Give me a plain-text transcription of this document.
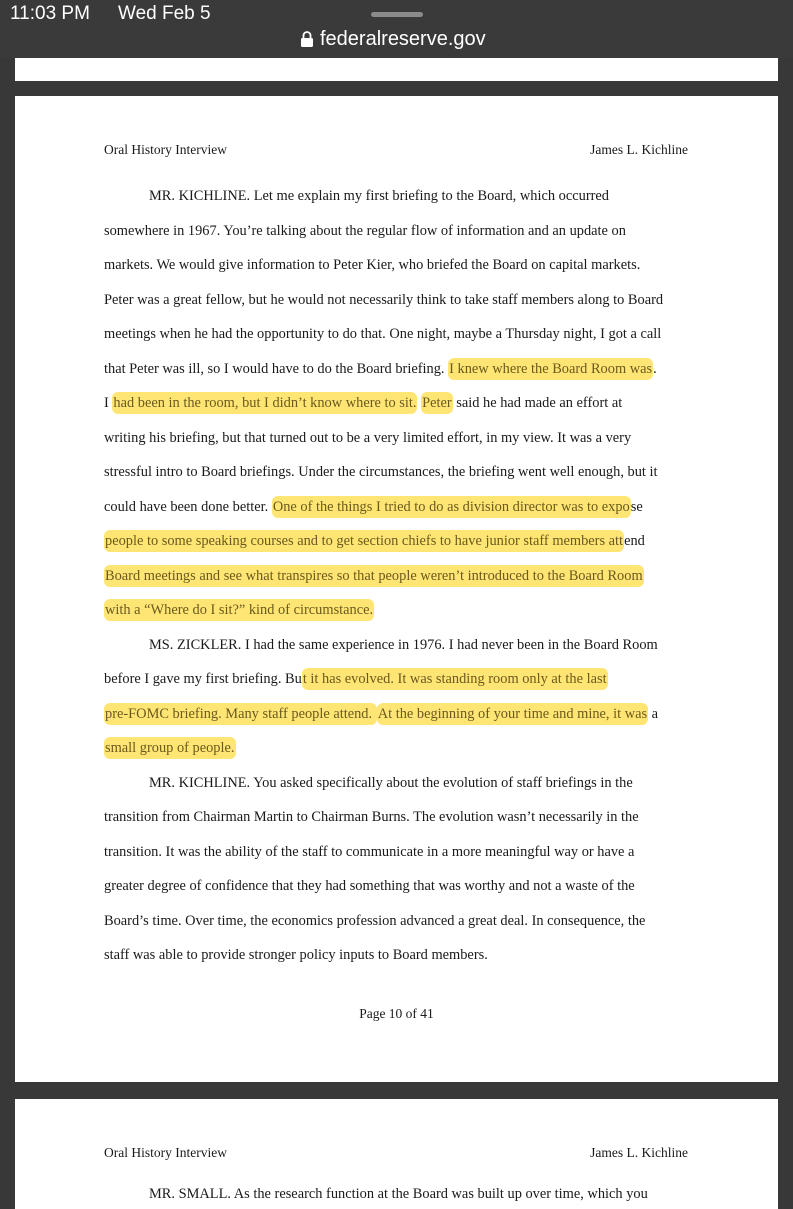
11:03 PM Wed Feb 5
federalreserve.gov
Oral History Interview	James L. Kichline
MR. KICHLINE. Let me explain my first briefing to the Board, which occurred
somewhere in 1967. You’re talking about the regular flow of information and an update on
markets. We would give information to Peter Kier, who briefed the Board on capital markets.
Peter was a great fellow, but he would not necessarily think to take staff members along to Board
meetings when he had the opportunity to do that. One night, maybe a Thursday night, I got a call
that Peter was ill, so I would have to do the Board briefing. I knew where the Board Room was.
I had been in the room, but I didn’t know where to sit. Peter said he had made an effort at
writing his briefing, but that turned out to be a very limited effort, in my view. It was a very
stressful intro to Board briefings. Under the circumstances, the briefing went well enough, but it
could have been done better. One of the things I tried to do as division director was to expose
people to some speaking courses and to get section chiefs to have junior staff members attend
Board meetings and see what transpires so that people weren’t introduced to the Board Room
with a “Where do I sit?” kind of circumstance.
MS. ZICKLER. I had the same experience in 1976. I had never been in the Board Room
before I gave my first briefing. But it has evolved. It was standing room only at the last
pre-FOMC briefing. Many staff people attend. At the beginning of your time and mine, it was a
small group of people.
MR. KICHLINE. You asked specifically about the evolution of staff briefings in the
transition from Chairman Martin to Chairman Burns. The evolution wasn’t necessarily in the
transition. It was the ability of the staff to communicate in a more meaningful way or have a
greater degree of confidence that they had something that was worthy and not a waste of the
Board’s time. Over time, the economics profession advanced a great deal. In consequence, the
staff was able to provide stronger policy inputs to Board members.
Page 10 of 41
Oral History Interview	James L. Kichline
MR. SMALL. As the research function at the Board was built up over time, which you
